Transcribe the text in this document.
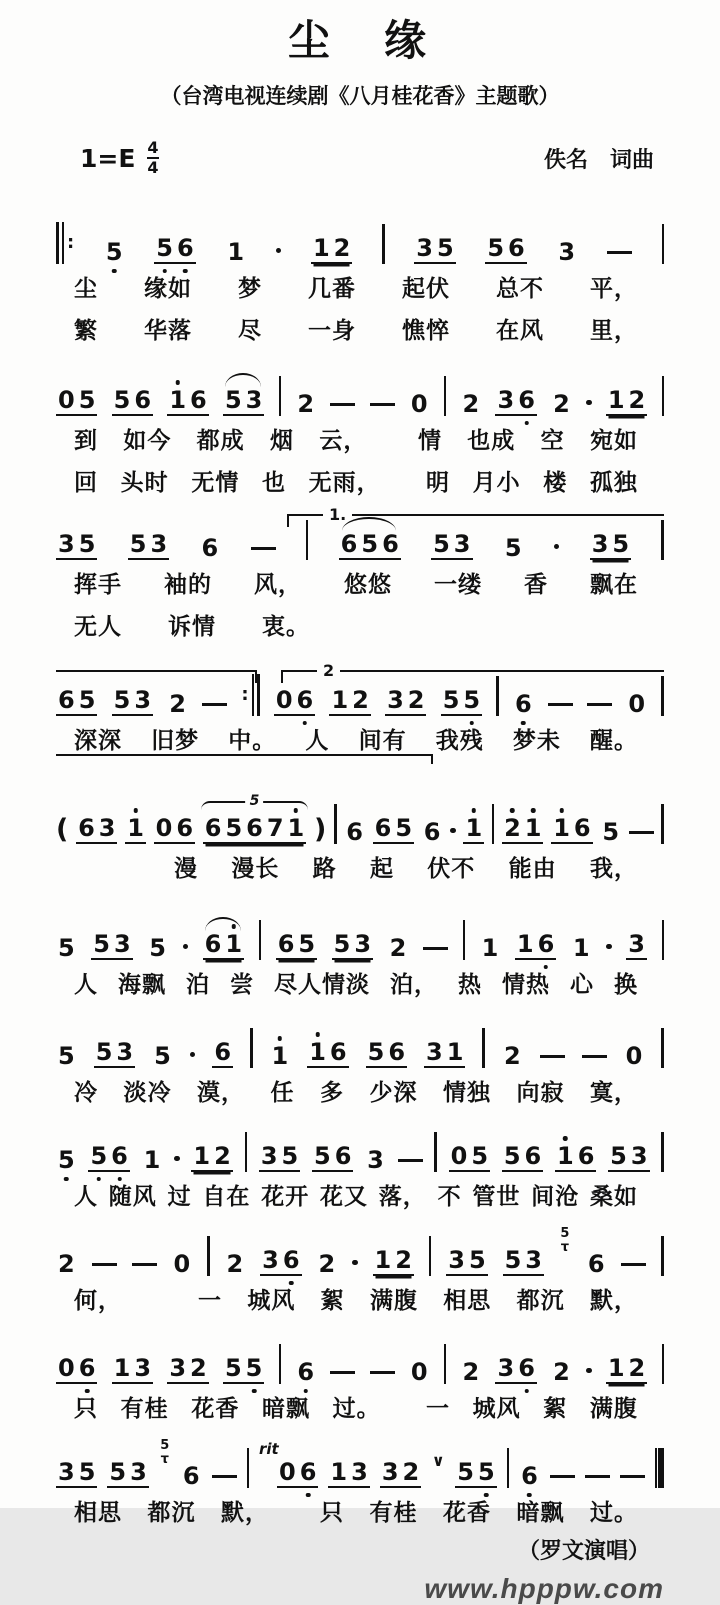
尘　缘
（台湾电视连续剧《八月桂花香》主题歌）
$1=E \frac{4}{4}$	佚名　词曲
: 5 5 6 1	1 2	3 5 5 6 3
尘 缘如 梦 几番 起伏 总不 平，
繁 华落 尽 一身 憔悴 在风 里，
0 5 5 6 1 6 5 3 2	0 2 3 6 2 1 2
到 如今 都成 烟 云， 情 也成 空 宛如
回 头时 无情 也 无雨， 明 月小 楼 孤独
1.
3 5 5 3 6	6 5 6 5 3 5	3 5
挥手 袖的 风， 悠悠 一缕 香 飘在
无人 诉情 衷。
2
6 5 5 3 2	: 0 6 1 2 3 2 5 5 6	0
深深 旧梦 中。 人 间有 我残 梦未 醒。
( 6 3 1 0 6 6 5 6 7 1
5
) 6 6 5 6 1 2 1 1 6 5
漫 漫长 路 起 伏不 能由 我，
5 5 3 5 6 1 6 5 5 3 2	1 1 6 1 3
人 海飘 泊 尝 尽人情淡 泊， 热 情热 心 换
5 5 3 5 6 1 1 6 5 6 3 1 2	0
冷 淡冷 漠， 任 多 少深 情独 向寂 寞，
5 5 6 1 1 2 3 5 5 6 3	0 5 5 6 1 6 5 3
人 随风 过 自在 花开 花又 落， 不 管世 间沧 桑如
2	0 2 3 6 2 1 2 3 5 5 3
5
τ
6
何，	一 城风 絮 满腹 相思 都沉 默，
0 6 1 3 3 2 5 5 6	0 2 3 6 2 1 2
只 有桂 花香 暗飘 过。 一 城风 絮 满腹
3 5 5 3
5
τ
6
rit
0 6 1 3 3 2 ∨ 5 5 6
相思 都沉 默， 只 有桂 花香 暗飘 过。
（罗文演唱）
www.hpppw.com
